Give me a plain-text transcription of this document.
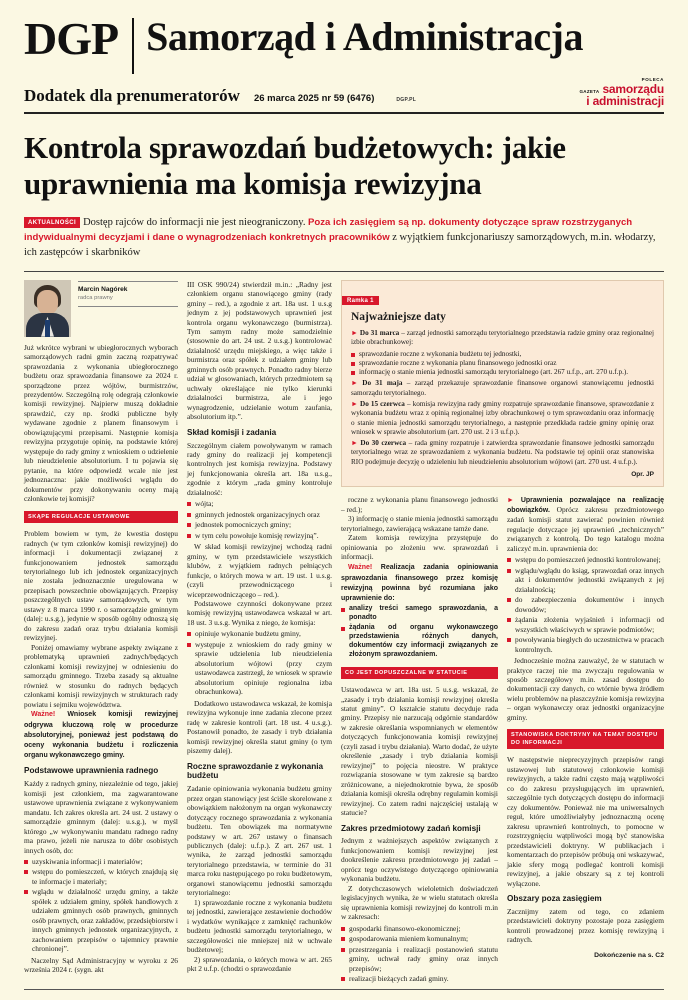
DGP Samorząd i Administracja
Dodatek dla prenumeratorów 26 marca 2025 nr 59 (6476)	DGP.PL
POLECA
GAZETA samorządu
i administracji
Kontrola sprawozdań budżetowych: jakie uprawnienia ma komisja rewizyjna
AKTUALNOŚCI Dostęp rajców do informacji nie jest nieograniczony. Poza ich zasięgiem są np. dokumenty dotyczące spraw rozstrzyganych indywidualnymi decyzjami i dane o wynagrodzeniach konkretnych pracowników z wyjątkiem funkcjonariuszy samorządowych, m.in. włodarzy, ich zastępców i skarbników
Marcin Nagórek
radca prawny

Już wkrótce wybrani w ubiegłorocznych wyborach samorządowych radni gmin zaczną rozpatrywać sprawozdania z wykonania ubiegłorocznego budżetu oraz sprawozdania finansowe za 2024 r. sporządzone przez wójtów, burmistrzów, prezydentów. Szczególną rolę odegrają członkowie komisji rewizyjnej. Najpierw muszą dokładnie sprawdzić, czy np. środki publiczne były wydawane zgodnie z planem finansowym i obowiązującymi przepisami. Następnie komisja rewizyjna przygotuje opinię, na podstawie której występuje do rady gminy z wnioskiem o udzielenie lub nieudzielenie absolutorium. I tu pojawia się pytanie, na które odpowiedź wcale nie jest jednoznaczna: jakie możliwości wglądu do dokumentów przy dokonywaniu oceny mają członkowie tej komisji?

SKĄPE REGULACJE USTAWOWE

Problem bowiem w tym, że kwestia dostępu radnych (w tym członków komisji rewizyjnej) do informacji i dokumentacji związanej z funkcjonowaniem jednostek samorządu terytorialnego lub ich jednostek organizacyjnych nie została jednoznacznie uregulowana w przepisach powszechnie obowiązujących. Przepisy poszczególnych ustaw samorządowych, w tym ustawy z 8 marca 1990 r. o samorządzie gminnym (dalej: u.s.g.), jedynie w sposób ogólny odnoszą się do zakresu zadań oraz trybu działania komisji rewizyjnej.

Poniżej omawiamy wybrane aspekty związane z problematyką uprawnień zadnych/będących członkami komisji rewizyjnej w odniesieniu do samorządu gminnego. Trzeba zasady są aktualne również w stosunku do radnych będących członkami komisji rewizyjnych w strukturach rady powiatu i sejmiku województwa.

Ważne! Wniosek komisji rewizyjnej odgrywa kluczową rolę w procedurze absolutoryjnej, ponieważ jest podstawą do oceny wykonania budżetu i rozliczenia organu wykonawczego gminy.

Podstawowe uprawnienia radnego

Każdy z radnych gminy, niezależnie od tego, jakiej komisji jest członkiem, ma zagwarantowane ustawowe uprawnienia związane z wykonywaniem mandatu. Ich zakres określa art. 24 ust. 2 ustawy o samorządzie gminnym (dalej: u.s.g.), w myśl którego „w wykonywaniu mandatu radnego radny ma prawo, jeżeli nie narusza to dóbr osobistych innych osób, do:

uzyskiwania informacji i materiałów;
wstępu do pomieszczeń, w których znajdują się te informacje i materiały;
wglądu w działalność urzędu gminy, a także spółek z udziałem gminy, spółek handlowych z udziałem gminnych osób prawnych, gminnych osób prawnych, oraz zakładów, przedsiębiorstw i innych gminnych jednostek organizacyjnych, z zachowaniem przepisów o tajemnicy prawnie chronionej”.

Naczelny Sąd Administracyjny w wyroku z 26 września 2024 r. (sygn. akt

III OSK 990/24) stwierdził m.in.: „Radny jest członkiem organu stanowiącego gminy (rady gminy – red.), a zgodnie z art. 18a ust. 1 u.s.g jednym z jej podstawowych uprawnień jest kontrola organu wykonawczego (burmistrza). Tym samym radny może samodzielnie (stosownie do art. 24 ust. 2 u.s.g.) kontrolować działalność urzędu miejskiego, a więc także i burmistrza oraz spółek z udziałem gminy lub gminnych osób prawnych. Ponadto radny bierze udział w głosowaniach, których przedmiotem są uchwały określające nie tylko kierunki działalności burmistrza, ale i jego wynagrodzenie, udzielanie wotum zaufania, absolutorium itp.”.

Skład komisji i zadania

Szczególnym ciałem powoływanym w ramach rady gminy do realizacji jej kompetencji kontrolnych jest komisja rewizyjna. Podstawy jej funkcjonowania określa art. 18a u.s.g., zgodnie z którym „rada gminy kontroluje działalność:

wójta;
gminnych jednostek organizacyjnych oraz
jednostek pomocniczych gminy;
w tym celu powołuje komisję rewizyjną”.

W skład komisji rewizyjnej wchodzą radni gminy, w tym przedstawiciele wszystkich klubów, z wyjątkiem radnych pełniących funkcje, o których mowa w art. 19 ust. 1 u.s.g. (czyli przewodniczącego i wiceprzewodniczącego – red.).

Podstawowe czynności dokonywane przez komisję rewizyjną ustawodawca wskazał w art. 18 ust. 3 u.s.g. Wynika z niego, że komisja:

opiniuje wykonanie budżetu gminy,
występuje z wnioskiem do rady gminy w sprawie udzielenia lub nieudzielenia absolutorium wójtowi (przy czym ustawodawca zastrzegł, że wniosek w sprawie absolutorium opiniuje regionalna izba obrachunkowa).

Dodatkowo ustawodawca wskazał, że komisja rewizyjna wykonuje inne zadania zlecone przez radę w zakresie kontroli (art. 18 ust. 4 u.s.g.). Postanowił ponadto, że zasady i tryb działania komisji rewizyjnej określa statut gminy (o tym piszemy dalej).

Roczne sprawozdanie z wykonania budżetu

Zadanie opiniowania wykonania budżetu gminy przez organ stanowiący jest ściśle skorelowane z obowiązkiem nałożonym na organ wykonawczy dotyczący rocznego sprawozdania z wykonania budżetu. Ten obowiązek ma normatywne podstawy w art. 267 ustawy o finansach publicznych (dalej: u.f.p.). Z art. 267 ust. 1 wynika, że zarząd jednostki samorządu terytorialnego przedstawia, w terminie do 31 marca roku następującego po roku budżetowym, organowi stanowiącemu jednostki samorządu terytorialnego:

1) sprawozdanie roczne z wykonania budżetu tej jednostki, zawierające zestawienie dochodów i wydatków wynikające z zamknięć rachunków budżetu jednostki samorządu terytorialnego, w szczegółowości nie mniejszej niż w uchwale budżetowej;

2) sprawozdania, o których mowa w art. 265 pkt 2 u.f.p. (chodzi o sprawozdanie

Ramka 1
Najważniejsze daty

► Do 31 marca – zarząd jednostki samorządu terytorialnego przedstawia radzie gminy oraz regionalnej izbie obrachunkowej:

sprawozdanie roczne z wykonania budżetu tej jednostki,
sprawozdanie roczne z wykonania planu finansowego jednostki oraz
informację o stanie mienia jednostki samorządu terytorialnego (art. 267 u.f.p., art. 270 u.f.p.).

► Do 31 maja – zarząd przekazuje sprawozdanie finansowe organowi stanowiącemu jednostki samorządu terytorialnego.

► Do 15 czerwca – komisja rewizyjna rady gminy rozpatruje sprawozdanie finansowe, sprawozdanie z wykonania budżetu wraz z opinią regionalnej izby obrachunkowej o tym sprawozdaniu oraz informację o stanie mienia jednostki samorządu terytorialnego, a następnie przedkłada radzie gminy opinię oraz wniosek w sprawie absolutorium (art. 270 ust. 2 i 3 u.f.p.).

► Do 30 czerwca – rada gminy rozpatruje i zatwierdza sprawozdanie finansowe jednostki samorządu terytorialnego wraz ze sprawozdaniem z wykonania budżetu. Na podstawie tej opinii oraz stanowiska RIO podejmuje decyzję o udzieleniu lub nieudzieleniu absolutorium wójtowi (art. 270 ust. 4 u.f.p.).

Opr. JP

roczne z wykonania planu finansowego jednostki – red.);

3) informację o stanie mienia jednostki samorządu terytorialnego, zawierającą wskazane tamże dane.

Zatem komisja rewizyjna przystępuje do opiniowania po złożeniu ww. sprawozdań i informacji.

Ważne! Realizacja zadania opiniowania sprawozdania finansowego przez komisję rewizyjną powinna być rozumiana jako uprawnienie do:

analizy treści samego sprawozdania, a ponadto
żądania od organu wykonawczego przedstawienia różnych danych, dokumentów czy informacji związanych ze złożonym sprawozdaniem.
CO JEST DOPUSZCZALNE W STATUCIE

Ustawodawca w art. 18a ust. 5 u.s.g. wskazał, że „zasady i tryb działania komisji rewizyjnej określa statut gminy”. O kształcie statutu decyduje rada gminy. Przepisy nie narzucają odgórnie standardów w zakresie określania wspomnianych w elementów dotyczących funkcjonowania komisji rewizyjnej (czyli zasad i trybu działania). Warto dodać, że użyte określenie „zasady i tryb działania komisji rewizyjnej” to pojęcia nieostre. W praktyce rozwiązania stosowane w tym zakresie są bardzo zróżnicowane, a niejednokrotnie bywa, że sposób działania komisji określa odrębny regulamin komisji rewizyjnej. Co zatem radni najczęściej ustalają w statucie?

Zakres przedmiotowy zadań komisji

Jednym z ważniejszych aspektów związanych z funkcjonowaniem komisji rewizyjnej jest dookreślenie zakresu przedmiotowego jej zadań – oprócz tego oczywistego dotyczącego opiniowania wykonania budżetu.

Z dotychczasowych wieloletnich doświadczeń legislacyjnych wynika, że w wielu statutach określa się uprawnienia komisji rewizyjnej do kontroli m.in w zakresach:

gospodarki finansowo-ekonomicznej;
gospodarowania mieniem komunalnym;
przestrzegania i realizacji postanowień statutu gminy, uchwał rady gminy oraz innych przepisów;
realizacji bieżących zadań gminy.

► Uprawnienia pozwalające na realizację obowiązków. Oprócz zakresu przedmiotowego zadań komisji statut zawierać powinien również regulacje dotyczące jej uprawnień „technicznych” związanych z kontrolą. Do tego katalogu można zaliczyć m.in. uprawnienia do:

wstępu do pomieszczeń jednostki kontrolowanej;
wglądu/wglądu do ksiąg, sprawozdań oraz innych akt i dokumentów jednostki związanych z jej działalnością;
do zabezpieczenia dokumentów i innych dowodów;
żądania złożenia wyjaśnień i informacji od wszystkich właściwych w sprawie podmiotów;
powoływania biegłych do uczestnictwa w pracach kontrolnych.

Jednocześnie można zauważyć, że w statutach w praktyce raczej nie ma zwyczaju regulowania w sposób szczegółowy m.in. zasad dostępu do dokumentacji czy danych, co wtórnie bywa źródłem wielu problemów na płaszczyźnie komisja rewizyjna – organ wykonawczy oraz jednostki organizacyjne gminy.

STANOWISKA DOKTRYNY NA TEMAT DOSTĘPU DO INFORMACJI

W następstwie nieprecyzyjnych przepisów rangi ustawowej lub statutowej członkowie komisji rewizyjnych, a także radni często mają wątpliwości co do zakresu przysługujących im uprawnień, szczególnie tych dotyczących dostępu do informacji czy dokumentów. Ponieważ nie ma uniwersalnych reguł, które umożliwiałyby jednoznaczną ocenę zakresu uprawnień kontrolnych, to pomocne w rozstrzygnięciu wątpliwości mogą być stanowiska przedstawicieli doktryny. W publikacjach i komentarzach do przepisów próbują oni wskazywać, jakie sfery mogą podlegać kontroli komisji rewizyjnej, a jakie obszary są z tej kontroli wyłączone.

Obszary poza zasięgiem

Zacznijmy zatem od tego, co zdaniem przedstawicieli doktryny pozostaje poza zasięgiem kontroli prowadzonej przez komisję rewizyjną i radnych.

Dokończenie na s. C2
